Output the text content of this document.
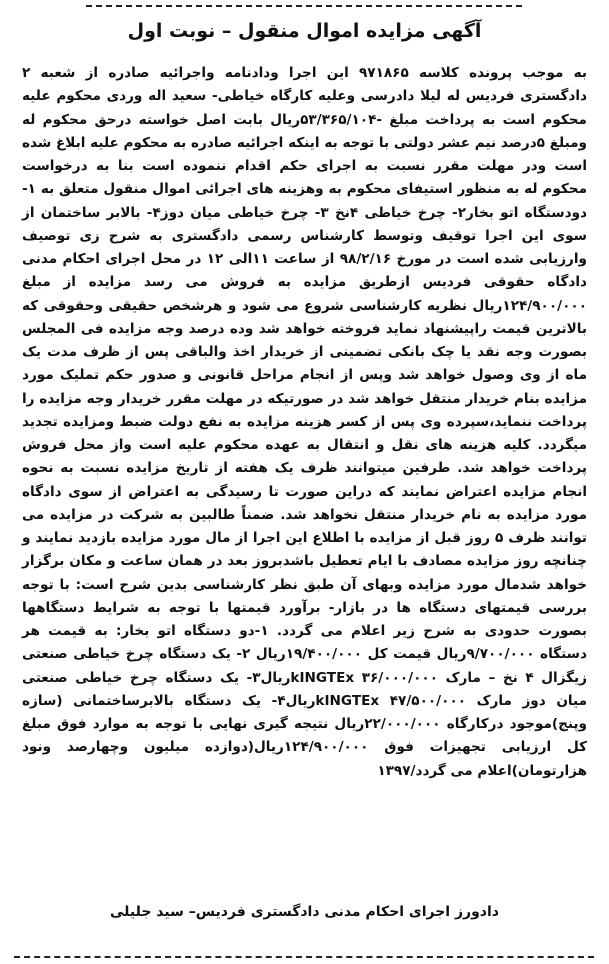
آگهی مزایده اموال منقول – نوبت اول

به موجب پرونده کلاسه ۹۷۱۸۶۵ این اجرا ودادنامه واجرائیه صادره از شعبه ۲ دادگستری فردیس له لیلا دادرسی وعلیه کارگاه خیاطی- سعید اله وردی محکوم علیه محکوم است به پرداخت مبلغ -۵۳/۳۶۵/۱۰۴ریال بابت اصل خواسته درحق محکوم له ومبلغ ۵درصد نیم عشر دولتی با توجه به اینکه اجرائیه صادره به محکوم علیه ابلاغ شده است ودر مهلت مقرر نسبت به اجرای حکم اقدام ننموده است بنا به درخواست محکوم له به منظور استیفای محکوم به وهزینه های اجرائی اموال منقول متعلق به ۱- دودستگاه اتو بخار۲- چرخ خیاطی ۴نخ ۳- چرخ خیاطی میان دوز۴- بالابر ساختمان از سوی این اجرا توقیف وتوسط کارشناس رسمی دادگستری به شرح زی توصیف وارزیابی شده است در مورخ ۹۸/۲/۱۶ از ساعت ۱۱الی ۱۲ در محل اجرای احکام مدنی دادگاه حقوقی فردیس ازطریق مزایده به فروش می رسد مزایده از مبلغ ۱۲۴/۹۰۰/۰۰۰ریال نظریه کارشناسی شروع می شود و هرشخص حقیقی وحقوقی که بالاترین قیمت راپیشنهاد نماید فروخته خواهد شد وده درصد وجه مزایده فی المجلس بصورت وجه نقد یا چک بانکی تضمینی از خریدار اخذ والباقی پس از ظرف مدت یک ماه از وی وصول خواهد شد وپس از انجام مراحل قانونی و صدور حکم تملیک مورد مزایده بنام خریدار منتقل خواهد شد در صورتیکه در مهلت مقرر خریدار وجه مزایده را پرداخت ننماید،سپرده وی پس از کسر هزینه مزایده به نفع دولت ضبط ومزایده تجدید میگردد. کلیه هزینه های نقل و انتقال به عهده محکوم علیه است واز محل فروش پرداخت خواهد شد. طرفین میتوانند ظرف یک هفته از تاریخ مزایده نسبت به نحوه انجام مزایده اعتراض نمایند که دراین صورت تا رسیدگی به اعتراض از سوی دادگاه مورد مزایده به نام خریدار منتقل نخواهد شد. ضمناً طالبین به شرکت در مزایده می توانند ظرف ۵ روز قبل از مزایده با اطلاع این اجرا از مال مورد مزایده بازدید نمایند و چنانچه روز مزایده مصادف با ایام تعطیل باشدبروز بعد در همان ساعت و مکان برگزار خواهد شدمال مورد مزایده وبهای آن طبق نظر کارشناسی بدین شرح است: با توجه بررسی قیمتهای دستگاه ها در بازار- برآورد قیمتها با توجه به شرایط دستگاهها بصورت حدودی به شرح زیر اعلام می گردد. ۱-دو دستگاه اتو بخار: به قیمت هر دستگاه ۹/۷۰۰/۰۰۰ریال قیمت کل ۱۹/۴۰۰/۰۰۰ریال ۲- یک دستگاه چرخ خیاطی صنعتی زیگزال ۴ نخ – مارک kINGTEx ۳۶/۰۰۰/۰۰۰ریال۳- یک دستگاه چرخ خیاطی صنعتی میان دوز مارک kINGTEx ۴۷/۵۰۰/۰۰۰ریال۴- یک دستگاه بالابرساختمانی (سازه وپنج)موجود درکارگاه ۲۲/۰۰۰/۰۰۰ریال نتیجه گیری نهایی با توجه به موارد فوق مبلغ کل ارزیابی تجهیزات فوق ۱۲۴/۹۰۰/۰۰۰ریال(دوازده میلیون وچهارصد ونود هزارتومان)اعلام می گردد/۱۳۹۷

دادورز اجرای احکام مدنی دادگستری فردیس– سید جلیلی
